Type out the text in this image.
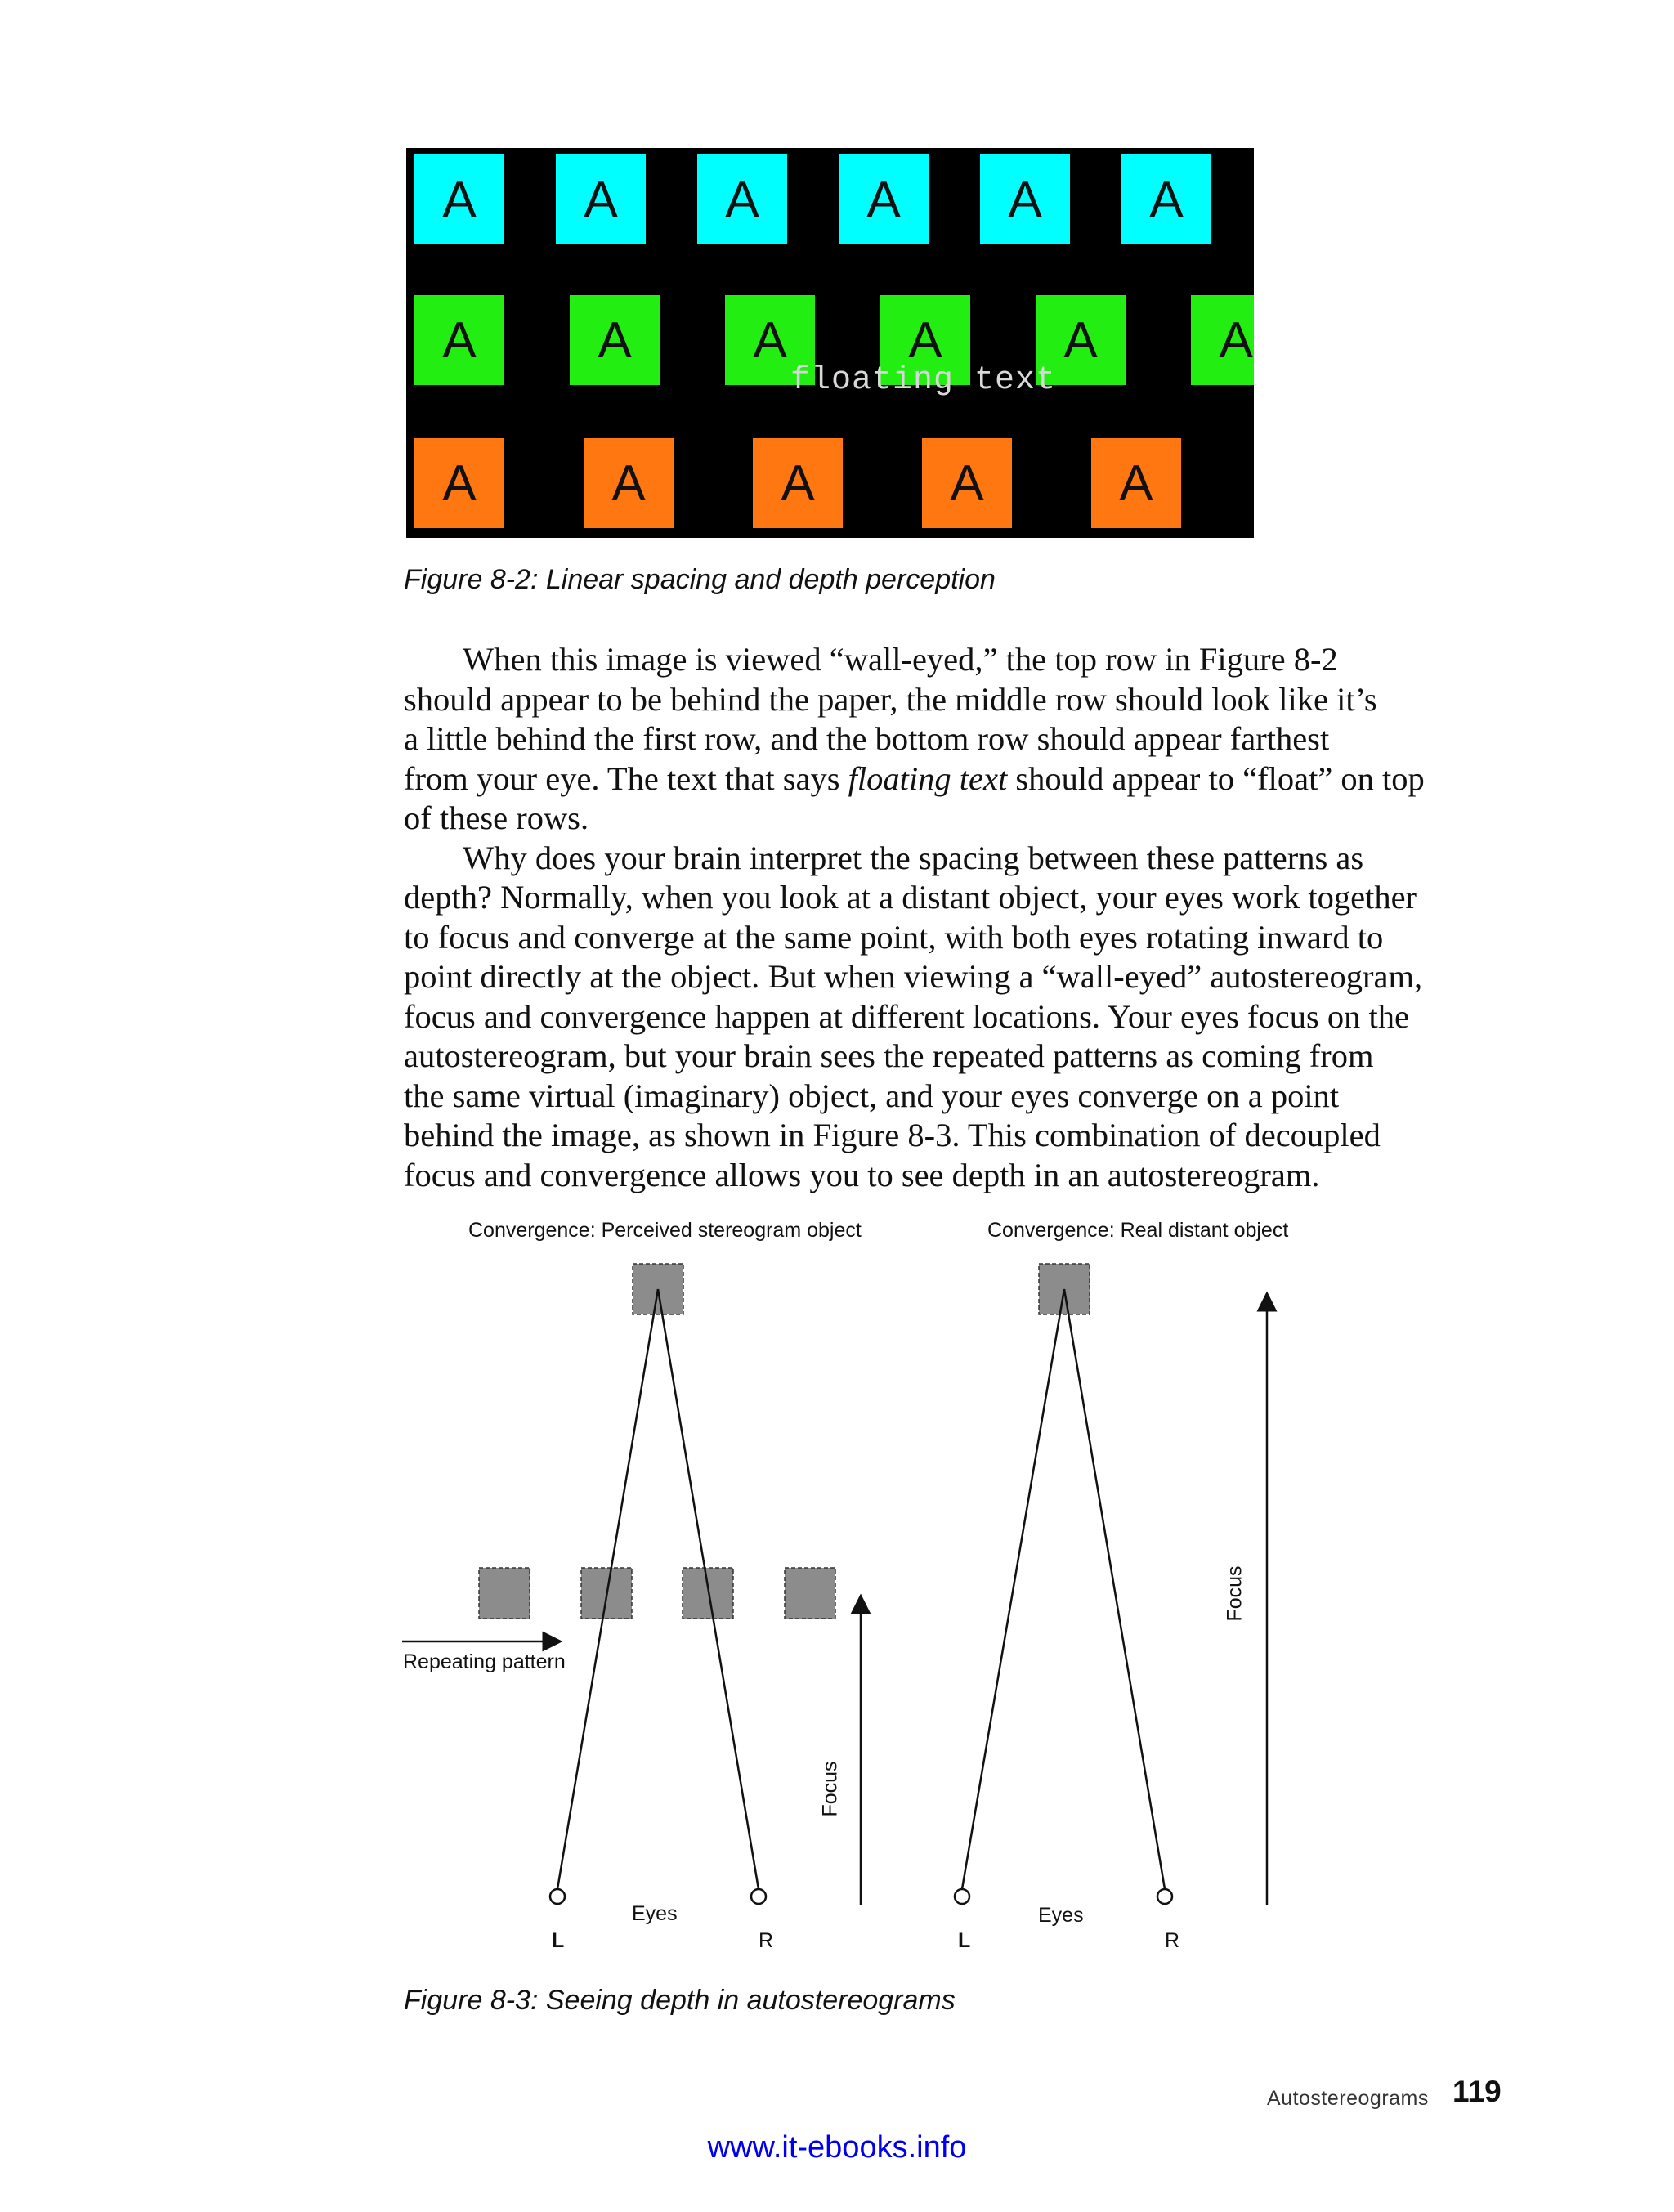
A	A	A	A	A	A
A	A	A	A	A	A
A	A	A	A	A
floating text
Figure 8-2: Linear spacing and depth perception
When this image is viewed “wall-eyed,” the top row in Figure 8-2
should appear to be behind the paper, the middle row should look like it’s
a little behind the first row, and the bottom row should appear farthest
from your eye. The text that says floating text should appear to “float” on top
of these rows.
Why does your brain interpret the spacing between these patterns as
depth? Normally, when you look at a distant object, your eyes work together
to focus and converge at the same point, with both eyes rotating inward to
point directly at the object. But when viewing a “wall-eyed” autostereogram,
focus and convergence happen at different locations. Your eyes focus on the
autostereogram, but your brain sees the repeated patterns as coming from
the same virtual (imaginary) object, and your eyes converge on a point
behind the image, as shown in Figure 8-3. This combination of decoupled
focus and convergence allows you to see depth in an autostereogram.
Convergence: Perceived stereogram object	Convergence: Real distant object
Repeating pattern
Focus
Focus
Eyes	Eyes
L	R	L	R
Figure 8-3: Seeing depth in autostereograms
Autostereograms 119
www.it-ebooks.info
